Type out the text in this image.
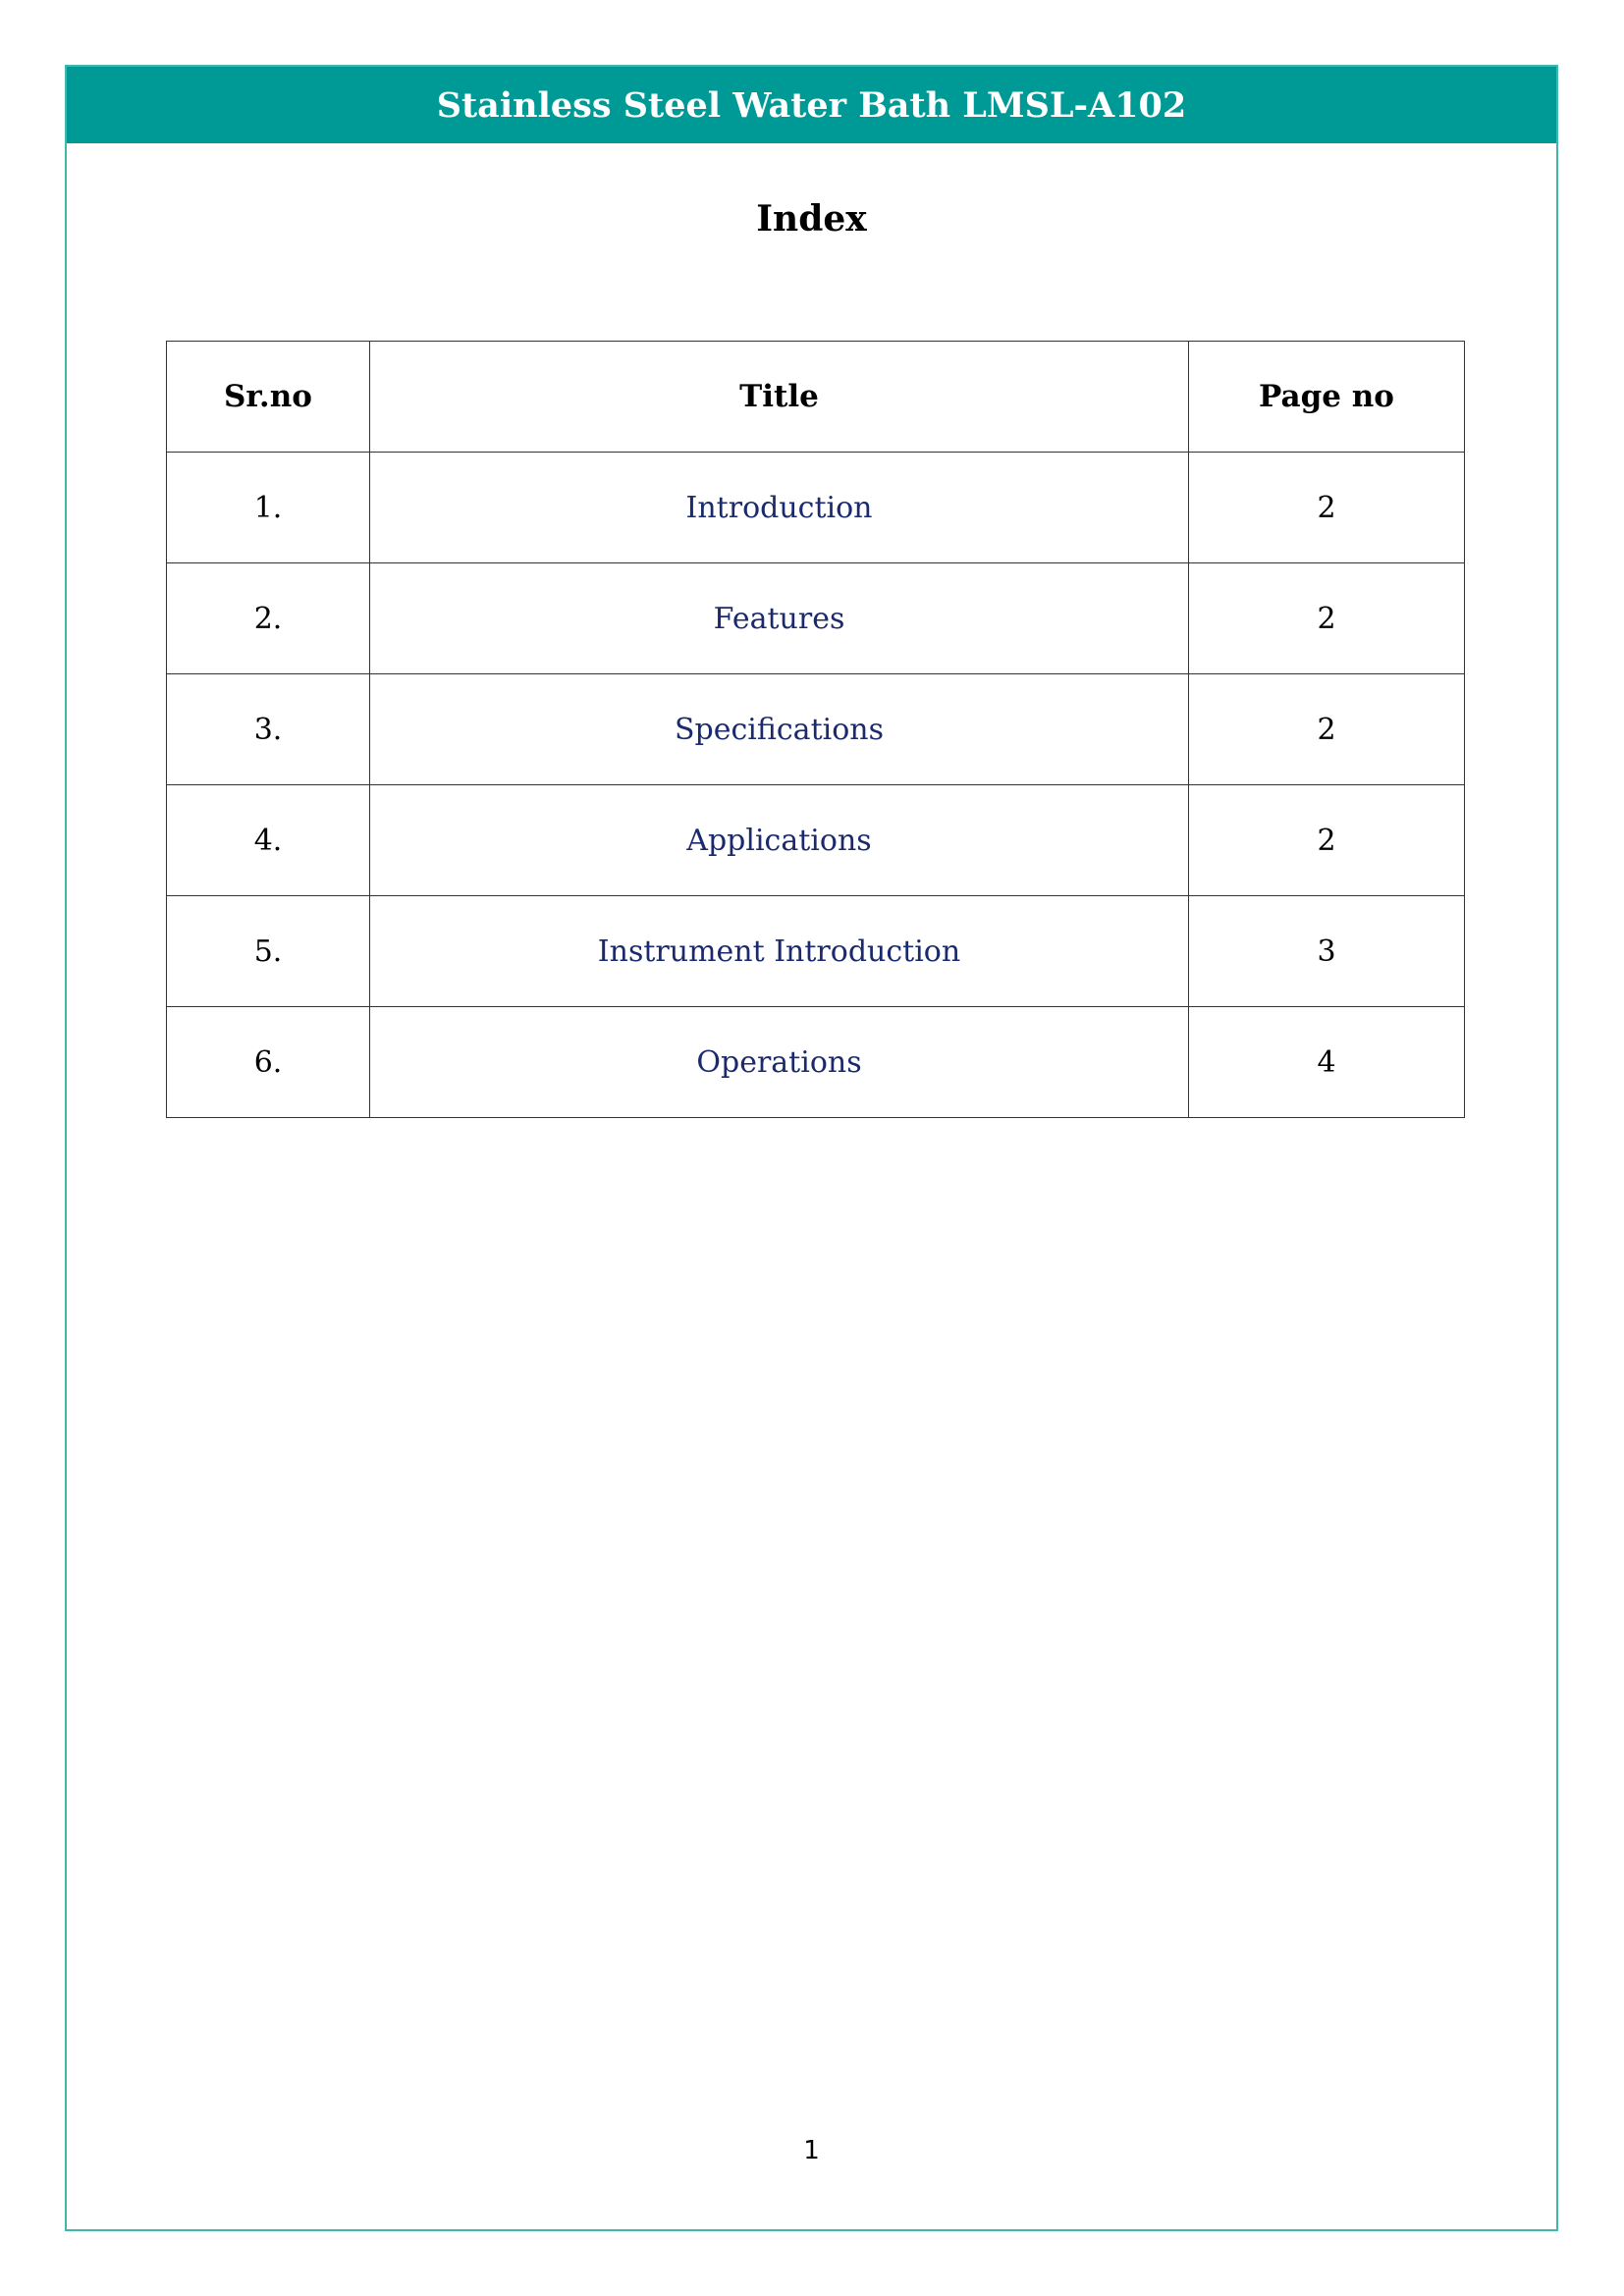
Stainless Steel Water Bath LMSL-A102
Index
Sr.no	Title	Page no
1.	Introduction	2
2.	Features	2
3.	Specifications	2
4.	Applications	2
5.	Instrument Introduction	3
6.	Operations	4
1
